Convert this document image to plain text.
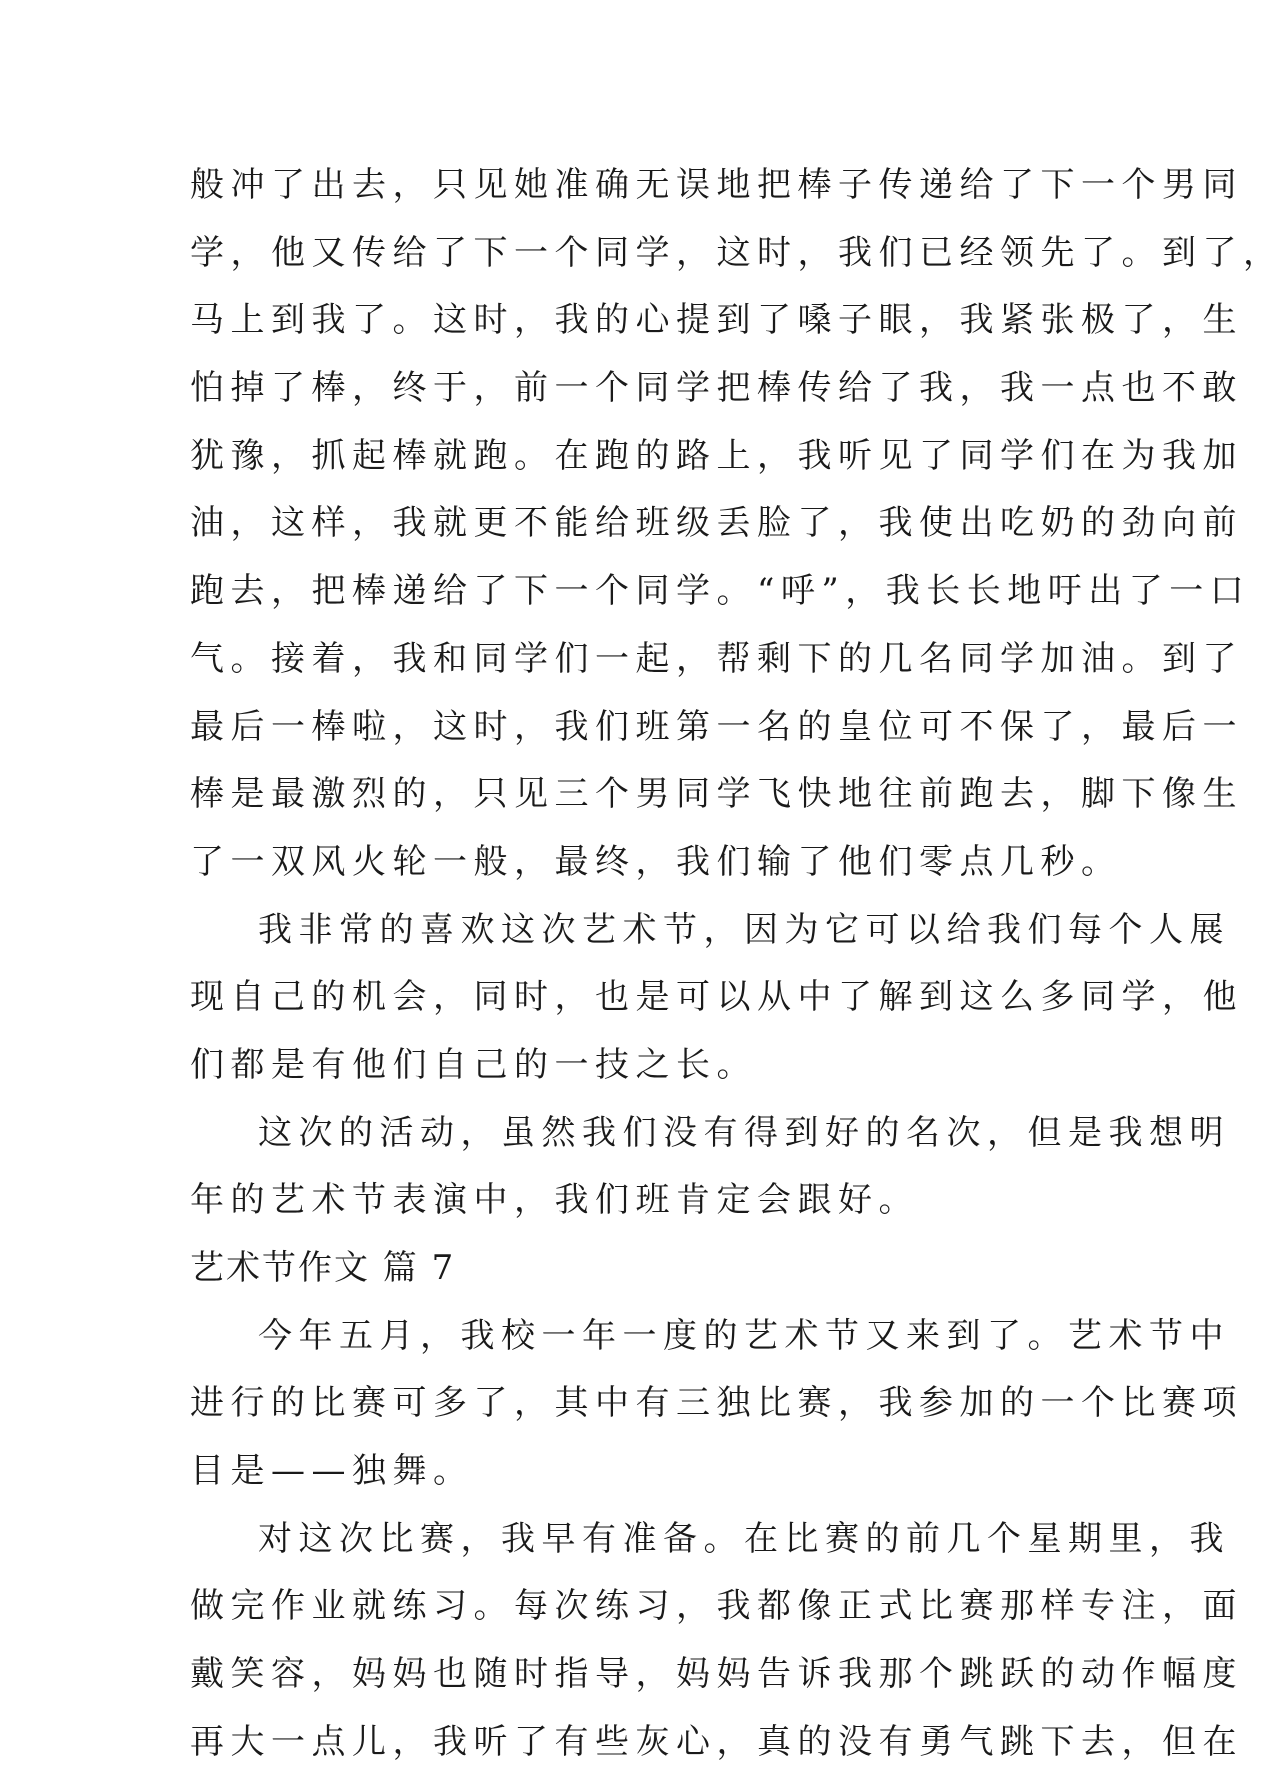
般冲了出去，只见她准确无误地把棒子传递给了下一个男同
学，他又传给了下一个同学，这时，我们已经领先了。到了，
马上到我了。这时，我的心提到了嗓子眼，我紧张极了，生
怕掉了棒，终于，前一个同学把棒传给了我，我一点也不敢
犹豫，抓起棒就跑。在跑的路上，我听见了同学们在为我加
油，这样，我就更不能给班级丢脸了，我使出吃奶的劲向前
跑去，把棒递给了下一个同学。“呼”，我长长地吁出了一口
气。接着，我和同学们一起，帮剩下的几名同学加油。到了
最后一棒啦，这时，我们班第一名的皇位可不保了，最后一
棒是最激烈的，只见三个男同学飞快地往前跑去，脚下像生
了一双风火轮一般，最终，我们输了他们零点几秒。
我非常的喜欢这次艺术节，因为它可以给我们每个人展
现自己的机会，同时，也是可以从中了解到这么多同学，他
们都是有他们自己的一技之长。
这次的活动，虽然我们没有得到好的名次，但是我想明
年的艺术节表演中，我们班肯定会跟好。
艺术节作文 篇 7
今年五月，我校一年一度的艺术节又来到了。艺术节中
进行的比赛可多了，其中有三独比赛，我参加的一个比赛项
目是——独舞。
对这次比赛，我早有准备。在比赛的前几个星期里，我
做完作业就练习。每次练习，我都像正式比赛那样专注，面
戴笑容，妈妈也随时指导，妈妈告诉我那个跳跃的动作幅度
再大一点儿，我听了有些灰心，真的没有勇气跳下去，但在
